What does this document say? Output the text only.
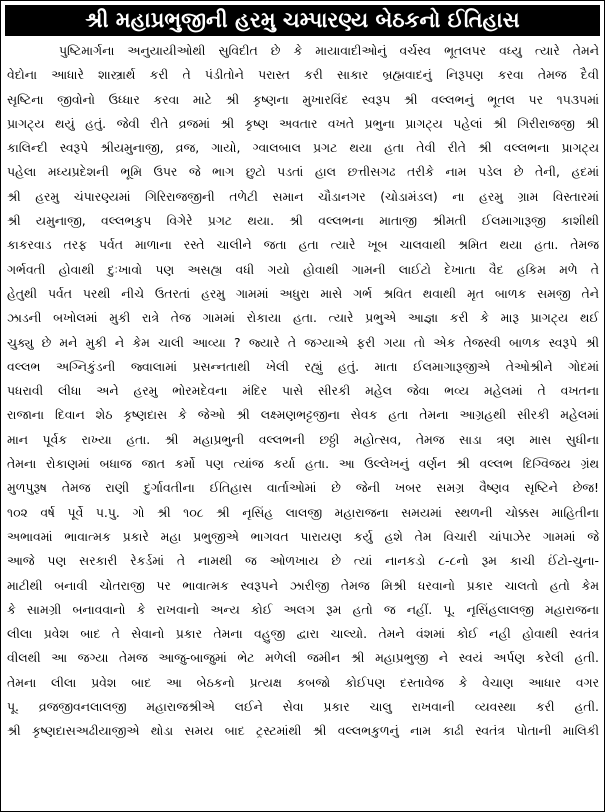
શ્રી મહાપ્રભુજીની હરમુ ચમ્પારણ્ય બેઠકનો ઈતિહાસ
પુષ્ટિમાર્ગના અનુયાયીઓથી સુવિદીત છે કે માયાવાદીઓનું વર્ચસ્વ ભૂતલપર વધ્યુ ત્યારે તેમને
વેદોના આધારે શાસ્ત્રાર્થ કરી તે પંડીતોને પરાસ્ત કરી સાકાર બ્રહ્મવાદનું નિરૂપણ કરવા તેમજ દૈવી
સૃષ્ટિના જીવોનો ઉધ્ધાર કરવા માટે શ્રી કૃષ્ણના મુખારવિંદ સ્વરૂપ શ્રી વલ્લભનું ભૂતલ પર ૧૫૩૫માં
પ્રાગટ્ય થયું હતું. જેવી રીતે વ્રજમાં શ્રી કૃષ્ણ અવતાર વખતે પ્રભુના પ્રાગટ્ય પહેલાં શ્રી ગિરીરાજજી શ્રી
કાલિન્દી સ્વરૂપે શ્રીયમુનાજી, વ્રજ, ગાયો, ગ્વાલબાલ પ્રગટ થયા હતા તેવી રીતે શ્રી વલ્લભના પ્રાગટ્ય
પહેલા મધ્યપ્રદેશની ભૂમિ ઉપર જે ભાગ છુટો પડતાં હાલ છત્તીસગઢ તરીકે નામ પડેલ છે તેની, હદમાં
શ્રી હરમુ ચંપારણ્યમાં ગિરિરાજજીની તળેટી સમાન ચૌડાનગર (ચોડામંડલ) ના હરમુ ગ્રામ વિસ્તારમાં
શ્રી યમુનાજી, વલ્લભકુપ વિગેરે પ્રગટ થયા. શ્રી વલ્લભના માતાજી શ્રીમતી ઈલમાગારૂજી કાશીથી
કાકરવાડ તરફ પર્વત માળાના રસ્તે ચાલીને જતા હતા ત્યારે ખૂબ ચાલવાથી શ્રમિત થયા હતા. તેમજ
ગર્ભવતી હોવાથી દુઃખાવો પણ અસહ્ય વધી ગયો હોવાથી ગામની લાઈટો દેખાતા વૈદ હકિમ મળે તે
હેતુથી પર્વત પરથી નીચે ઉતરતાં હરમુ ગામમાં અધુરા માસે ગર્ભ શ્રવિત થવાથી મૃત બાળક સમજી તેને
ઝાડની બખોલમાં મુકી રાત્રે તેજ ગામમાં રોકાયા હતા. ત્યારે પ્રભુએ આજ્ઞા કરી કે મારૂ પ્રાગટ્ય થઈ
ચુક્યુ છે મને મુકી ને કેમ ચાલી આવ્યા ? જ્યારે તે જગ્યાએ ફરી ગયા તો એક તેજસ્વી બાળક સ્વરૂપે શ્રી
વલ્લભ અગ્નિકુંડની જ્વાલામાં પ્રસન્નતાથી ખેલી રહ્યું હતું. માતા ઈલમાગારૂજીએ તેઓશ્રીને ગોદમાં
પધરાવી લીધા અને હરમુ ભોરમદેવના મંદિર પાસે સીરકી મહેલ જેવા ભવ્ય મહેલમાં તે વખતના
રાજાના દિવાન શેઠ કૃષ્ણદાસ કે જેઓ શ્રી લક્ષ્મણભટ્ટજીના સેવક હતા તેમના આગ્રહથી સીરકી મહેલમાં
માન પૂર્વક રાખ્યા હતા. શ્રી મહાપ્રભુની વલ્લભની છઠ્ઠી મહોત્સવ, તેમજ સાડા ત્રણ માસ સુધીના
તેમના રોકાણમાં બધાજ જાત કર્મો પણ ત્યાંજ કર્યા હતા. આ ઉલ્લેખનું વર્ણન શ્રી વલ્લભ દિગ્વિજય ગ્રંથ
મુળપુરૂષ તેમજ રાણી દુર્ગાવતીના ઈતિહાસ વાર્તાઓમાં છે જેની ખબર સમગ્ર વૈષ્ણવ સૃષ્ટિને છેજ!
૧૦૨ વર્ષ પૂર્વે પ.પુ. ગો શ્રી ૧૦૮ શ્રી નૃસિંહ લાલજી મહારાજના સમયમાં સ્થળની ચોક્કસ માહિતીના
અભાવમાં ભાવાત્મક પ્રકારે મહા પ્રભુજીએ ભાગવત પારાયણ કર્યુ હશે તેમ વિચારી ચાંપાઝેર ગામમાં જે
આજે પણ સરકારી રેકર્ડમાં તે નામથી જ ઓળખાય છે ત્યાં નાનકડો ૮-૮નો રૂમ કાચી ઈંટો-ચુના-
માટીથી બનાવી ચોતરાજી પર ભાવાત્મક સ્વરૂપને ઝારીજી તેમજ મિશ્રી ધરવાનો પ્રકાર ચાલતો હતો કેમ
કે સામગ્રી બનાવવાનો કે રાખવાનો અન્ય કોઈ અલગ રૂમ હતો જ નહીં. પૂ. નૃસિંહલાલજી મહારાજના
લીલા પ્રવેશ બાદ તે સેવાનો પ્રકાર તેમના વહુજી દ્વારા ચાલ્યો. તેમને વંશમાં કોઈ નહી હોવાથી સ્વતંત્ર
વીલથી આ જગ્યા તેમજ આજુ-બાજુમાં ભેટ મળેલી જમીન શ્રી મહાપ્રભુજી ને સ્વયં અર્પણ કરેલી હતી.
તેમના લીલા પ્રવેશ બાદ આ બેઠકનો પ્રત્યક્ષ કબજો કોઈપણ દસ્તાવેજ કે વેચાણ આધાર વગર
પૂ. વ્રજજીવનલાલજી મહારાજશ્રીએ લઈને સેવા પ્રકાર ચાલુ રાખવાની વ્યવસ્થા કરી હતી.
શ્રી કૃષ્ણદાસઅઢીયાજીએ થોડા સમય બાદ ટ્રસ્ટમાંથી શ્રી વલ્લભકુળનું નામ કાઢી સ્વતંત્ર પોતાની માલિકી
